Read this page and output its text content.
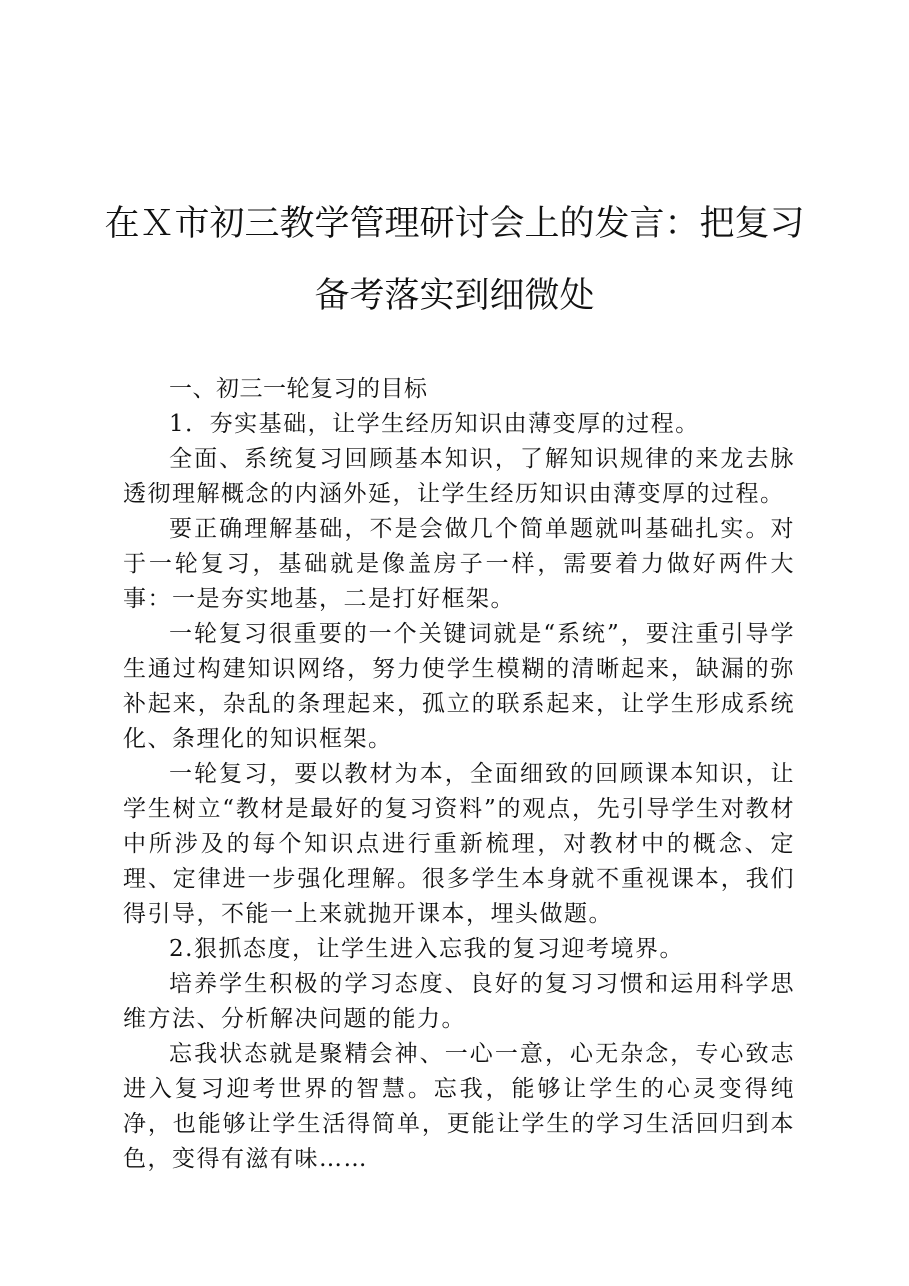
在Ｘ市初三教学管理研讨会上的发言：把复习备考落实到细微处

一、初三一轮复习的目标

1．夯实基础，让学生经历知识由薄变厚的过程。

全面、系统复习回顾基本知识，了解知识规律的来龙去脉透彻理解概念的内涵外延，让学生经历知识由薄变厚的过程。

要正确理解基础，不是会做几个简单题就叫基础扎实。对于一轮复习，基础就是像盖房子一样，需要着力做好两件大事：一是夯实地基，二是打好框架。

一轮复习很重要的一个关键词就是“系统”，要注重引导学生通过构建知识网络，努力使学生模糊的清晰起来，缺漏的弥补起来，杂乱的条理起来，孤立的联系起来，让学生形成系统化、条理化的知识框架。

一轮复习，要以教材为本，全面细致的回顾课本知识，让学生树立“教材是最好的复习资料”的观点，先引导学生对教材中所涉及的每个知识点进行重新梳理，对教材中的概念、定理、定律进一步强化理解。很多学生本身就不重视课本，我们得引导，不能一上来就抛开课本，埋头做题。

2.狠抓态度，让学生进入忘我的复习迎考境界。

培养学生积极的学习态度、良好的复习习惯和运用科学思维方法、分析解决问题的能力。

忘我状态就是聚精会神、一心一意，心无杂念，专心致志进入复习迎考世界的智慧。忘我，能够让学生的心灵变得纯净，也能够让学生活得简单，更能让学生的学习生活回归到本色，变得有滋有味……
